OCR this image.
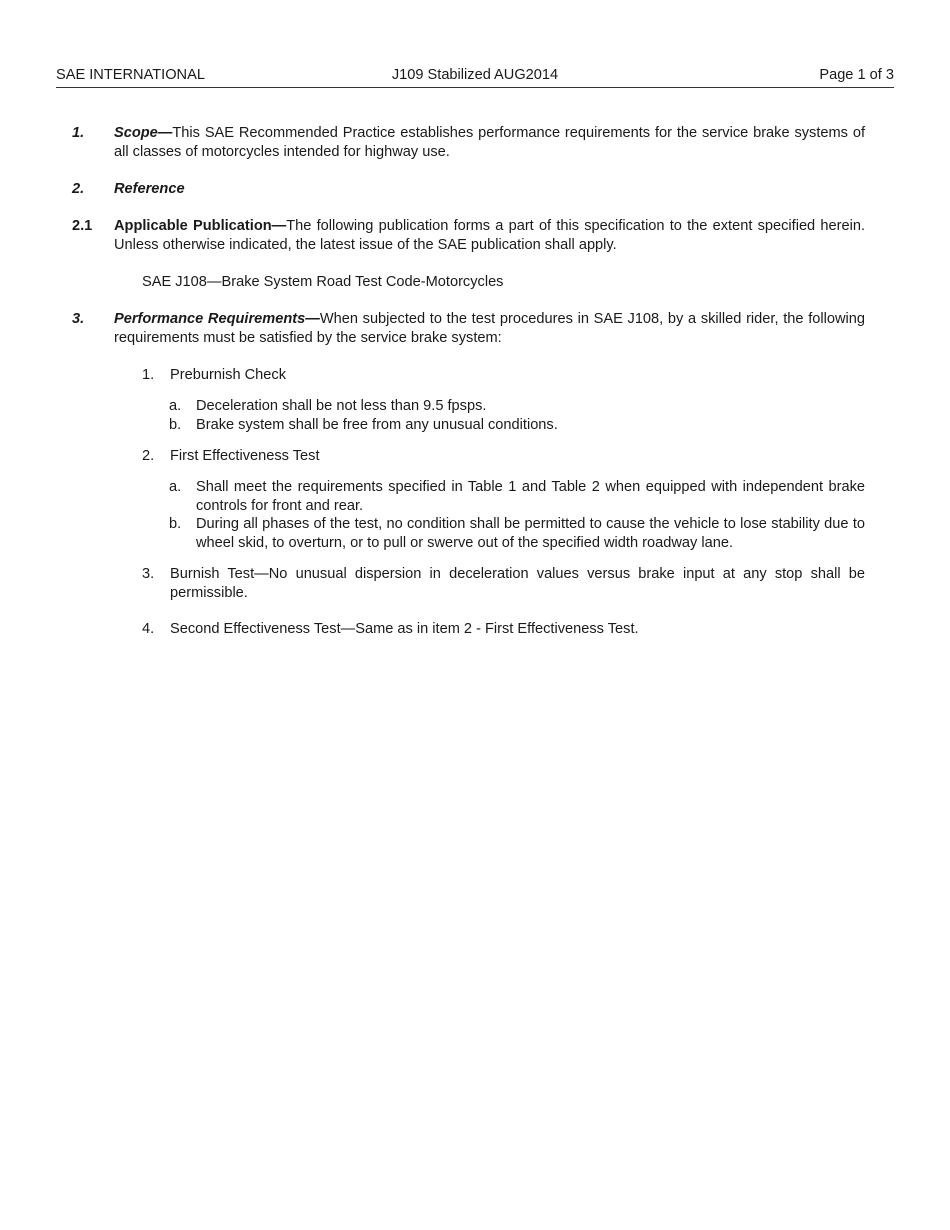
SAE INTERNATIONAL	J109 Stabilized AUG2014	Page 1 of 3
1. Scope—This SAE Recommended Practice establishes performance requirements for the service brake systems of all classes of motorcycles intended for highway use.
2. Reference
2.1 Applicable Publication—The following publication forms a part of this specification to the extent specified herein. Unless otherwise indicated, the latest issue of the SAE publication shall apply.
SAE J108—Brake System Road Test Code-Motorcycles
3. Performance Requirements—When subjected to the test procedures in SAE J108, by a skilled rider, the following requirements must be satisfied by the service brake system:
1. Preburnish Check
a. Deceleration shall be not less than 9.5 fpsps.
b. Brake system shall be free from any unusual conditions.
2. First Effectiveness Test
a. Shall meet the requirements specified in Table 1 and Table 2 when equipped with independent brake controls for front and rear.
b. During all phases of the test, no condition shall be permitted to cause the vehicle to lose stability due to wheel skid, to overturn, or to pull or swerve out of the specified width roadway lane.
3. Burnish Test—No unusual dispersion in deceleration values versus brake input at any stop shall be permissible.
4. Second Effectiveness Test—Same as in item 2 - First Effectiveness Test.
